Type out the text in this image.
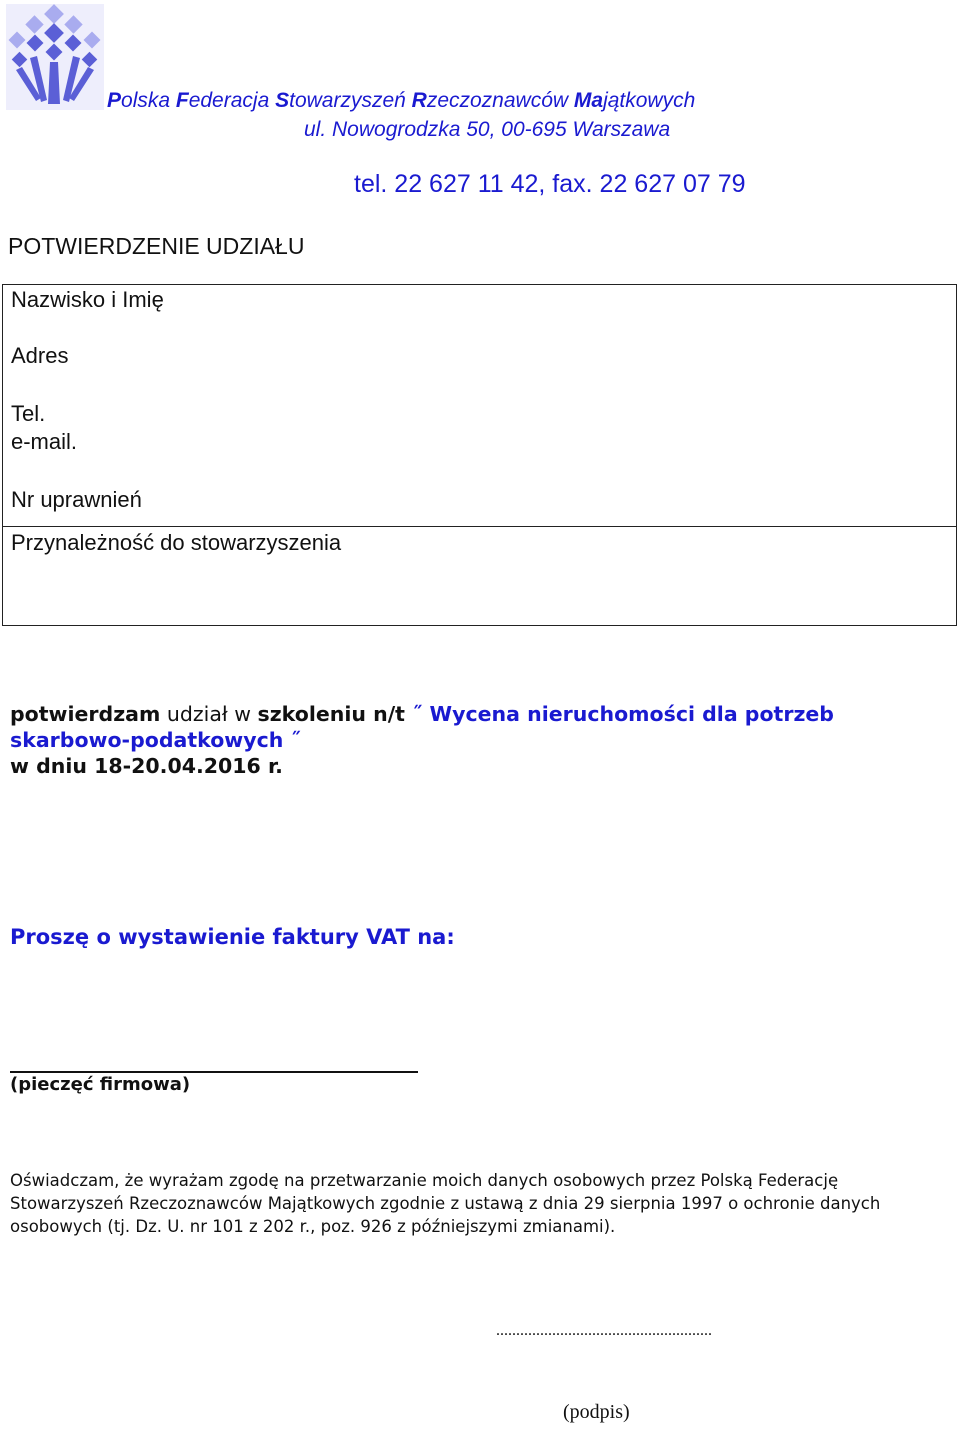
Polska Federacja Stowarzyszeń Rzeczoznawców Majątkowych
ul. Nowogrodzka 50, 00-695 Warszawa
tel. 22 627 11 42, fax. 22 627 07 79
POTWIERDZENIE UDZIAŁU
Nazwisko i Imię
Adres
Tel.
e-mail.
Nr uprawnień
Przynależność do stowarzyszenia
potwierdzam udział w szkoleniu n/t ˝ Wycena nieruchomości dla potrzeb skarbowo-podatkowych ˝
w dniu 18-20.04.2016 r.
Proszę o wystawienie faktury VAT na:
(pieczęć firmowa)
Oświadczam, że wyrażam zgodę na przetwarzanie moich danych osobowych przez Polską Federację Stowarzyszeń Rzeczoznawców Majątkowych zgodnie z ustawą z dnia 29 sierpnia 1997 o ochronie danych osobowych (tj. Dz. U. nr 101 z 202 r., poz. 926 z późniejszymi zmianami).
......................................................
(podpis)
